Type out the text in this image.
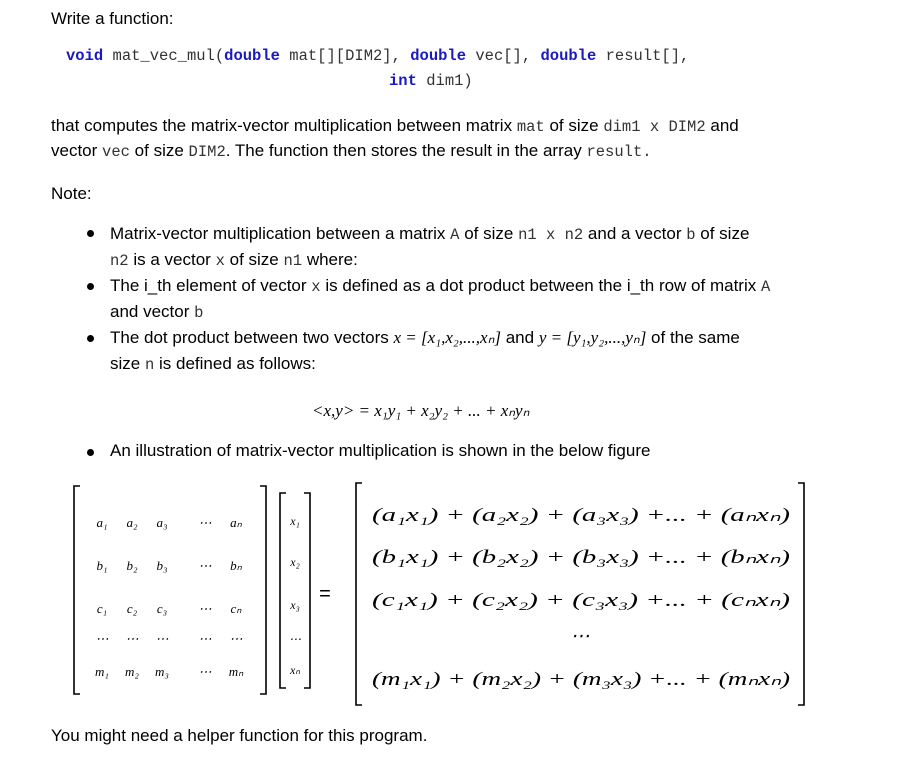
Write a function:
void mat_vec_mul(double mat[][DIM2], double vec[], double result[],
int dim1)
that computes the matrix-vector multiplication between matrix mat of size dim1 x DIM2 and
vector vec of size DIM2. The function then stores the result in the array result.
Note:
Matrix-vector multiplication between a matrix A of size n1 x n2 and a vector b of size
n2 is a vector x of size n1 where:
The i_th element of vector x is defined as a dot product between the i_th row of matrix A
and vector b
The dot product between two vectors x = [x₁,x₂,...,xₙ] and y = [y₁,y₂,...,yₙ] of the same
size n is defined as follows:
<x,y> = x₁y₁ + x₂y₂ + ... + xₙyₙ
An illustration of matrix-vector multiplication is shown in the below figure
a₁ a₂ a₃ ⋯ aₙ
b₁ b₂ b₃ ⋯ bₙ
c₁ c₂ c₃ ⋯ cₙ
⋯ ⋯ ⋯ ⋯ ⋯
m₁ m₂ m₃ ⋯ mₙ
x₁
x₂
x₃
⋯
xₙ
=
(a₁x₁) + (a₂x₂) + (a₃x₃) +... + (aₙxₙ)
(b₁x₁) + (b₂x₂) + (b₃x₃) +... + (bₙxₙ)
(c₁x₁) + (c₂x₂) + (c₃x₃) +... + (cₙxₙ)
⋯
(m₁x₁) + (m₂x₂) + (m₃x₃) +... + (mₙxₙ)
You might need a helper function for this program.
